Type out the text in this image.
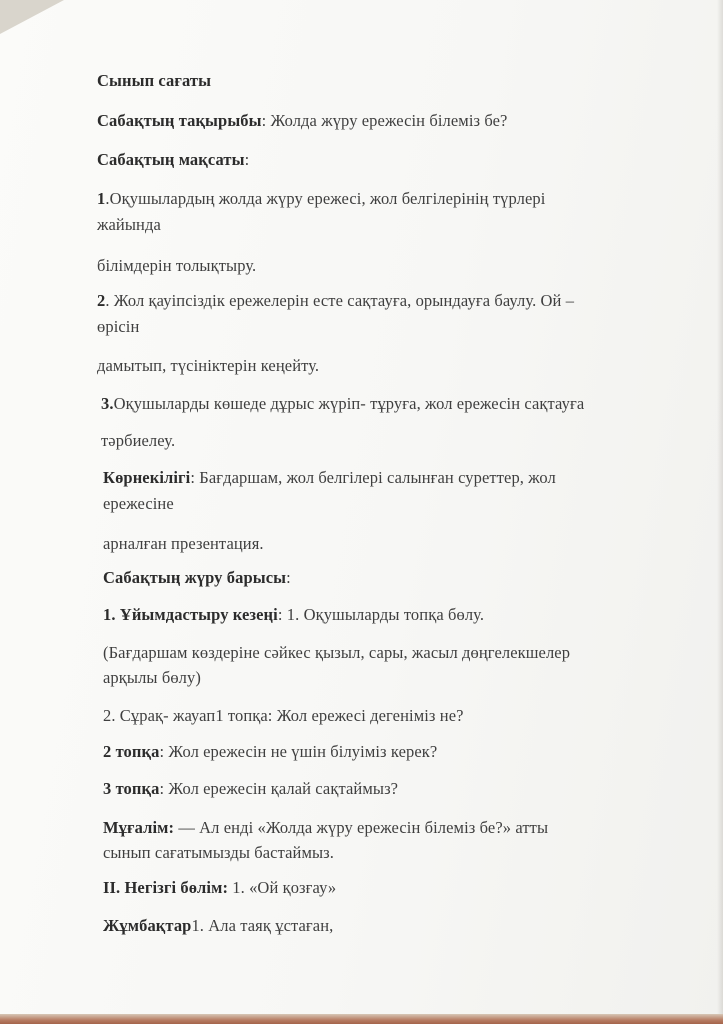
Сынып сағаты
Сабақтың тақырыбы: Жолда жүру ережесін білеміз бе?
Сабақтың мақсаты:
1.Оқушылардың жолда жүру ережесі, жол белгілерінің түрлері
жайында
білімдерін толықтыру.
2. Жол қауіпсіздік ережелерін есте сақтауға, орындауға баулу. Ой –
өрісін
дамытып, түсініктерін кеңейту.
3.Оқушыларды көшеде дұрыс жүріп- тұруға, жол ережесін сақтауға
тәрбиелеу.
Көрнекілігі: Бағдаршам, жол белгілері салынған суреттер, жол
ережесіне
арналған презентация.
Сабақтың жүру барысы:
1. Ұйымдастыру кезеңі: 1. Оқушыларды топқа бөлу.
(Бағдаршам көздеріне сәйкес қызыл, сары, жасыл дөңгелекшелер
арқылы бөлу)
2. Сұрақ- жауап1 топқа: Жол ережесі дегеніміз не?
2 топқа: Жол ережесін не үшін білуіміз керек?
3 топқа: Жол ережесін қалай сақтаймыз?
Мұғалім: — Ал енді «Жолда жүру ережесін білеміз бе?» атты
сынып сағатымызды бастаймыз.
II. Негізгі бөлім: 1. «Ой қозғау»
Жұмбақтар1. Ала таяқ ұстаған,
